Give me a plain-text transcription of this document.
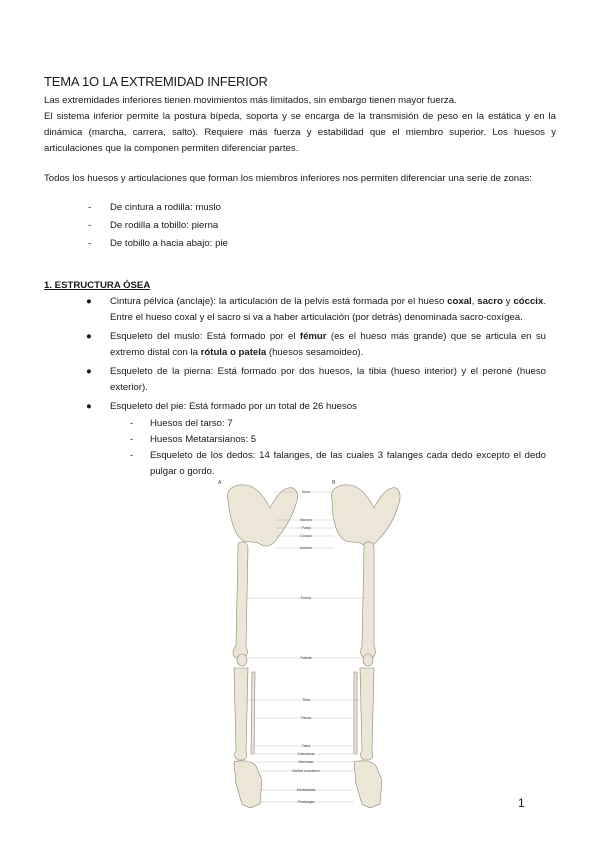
TEMA 1O LA EXTREMIDAD INFERIOR
Las extremidades inferiores tienen movimientos más limitados, sin embargo tienen mayor fuerza.
El sistema inferior permite la postura bípeda, soporta y se encarga de la transmisión de peso en la estática y en la dinámica (marcha, carrera, salto). Requiere más fuerza y estabilidad que el miembro superior. Los huesos y articulaciones que la componen permiten diferenciar partes.
Todos los huesos y articulaciones que forman los miembros inferiores nos permiten diferenciar una serie de zonas:
- De cintura a rodilla: muslo
- De rodilla a tobillo: pierna
- De tobillo a hacia abajo: pie
1. ESTRUCTURA ÓSEA
● Cintura pélvica (anclaje): la articulación de la pelvis está formada por el hueso coxal, sacro y cóccix. Entre el hueso coxal y el sacro si va a haber articulación (por detrás) denominada sacro-coxígea.
● Esqueleto del muslo: Está formado por el fémur (es el hueso más grande) que se articula en su extremo distal con la rótula o patela (huesos sesamoideo).
● Esqueleto de la pierna: Está formado por dos huesos, la tibia (hueso interior) y el peroné (hueso exterior).
● Esqueleto del pie: Está formado por un total de 26 huesos
- Huesos del tarso: 7
- Huesos Metatarsianos: 5
- Esqueleto de los dedos: 14 falanges, de las cuales 3 falanges cada dedo excepto el dedo pulgar o gordo.
A	B
Ilium
Sacrum
Pubis
Coccyx
Ischium
Femur
Patella
Tibia
Fibula
Talus
Calcaneus
Navicular
Medial cuneiform
Metatarsals
Phalanges	1
